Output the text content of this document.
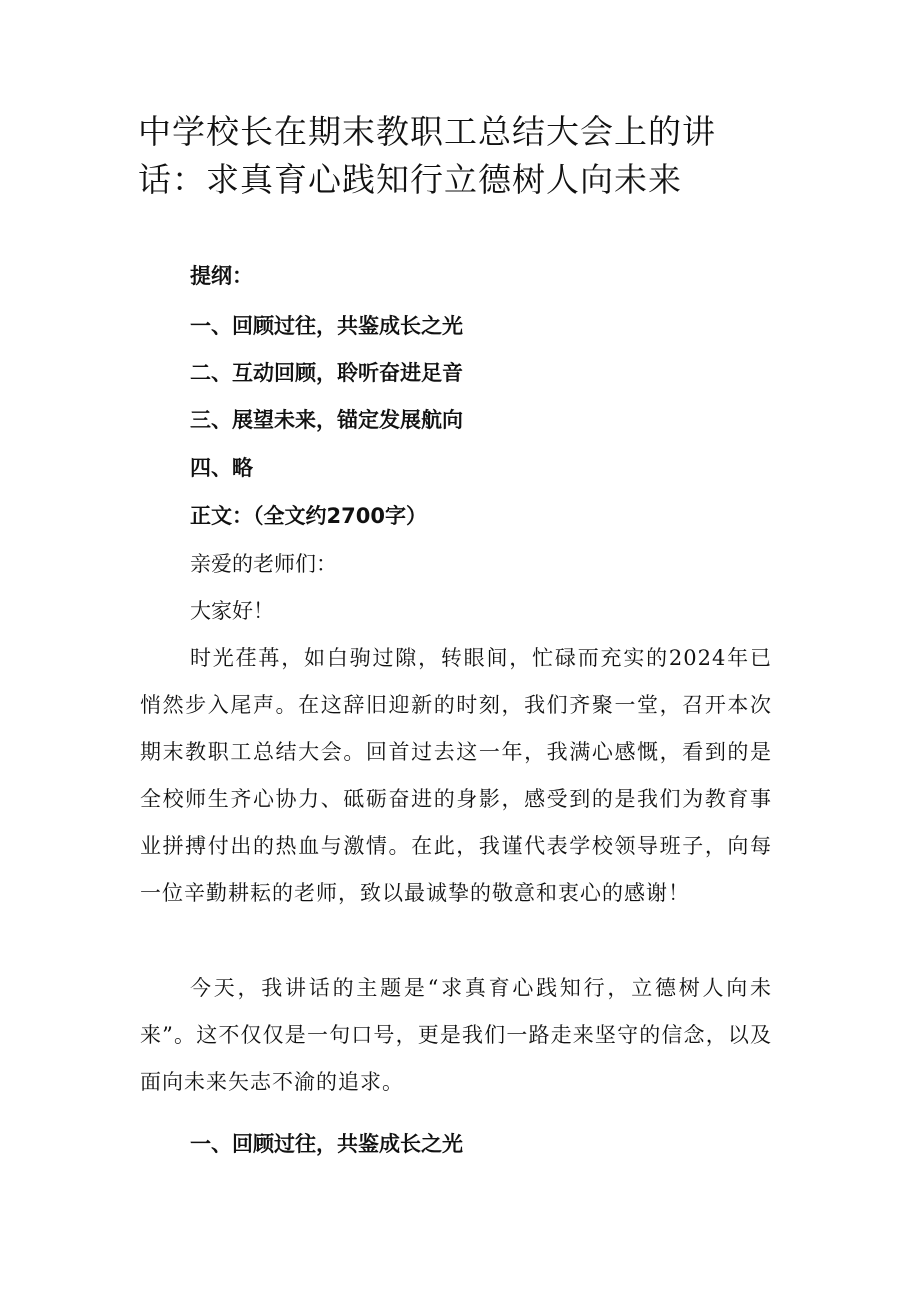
中学校长在期末教职工总结大会上的讲话：求真育心践知行立德树人向未来

提纲：

一、回顾过往，共鉴成长之光

二、互动回顾，聆听奋进足音

三、展望未来，锚定发展航向

四、略

正文：（全文约2700字）

亲爱的老师们：

大家好！

时光荏苒，如白驹过隙，转眼间，忙碌而充实的2024年已悄然步入尾声。在这辞旧迎新的时刻，我们齐聚一堂，召开本次期末教职工总结大会。回首过去这一年，我满心感慨，看到的是全校师生齐心协力、砥砺奋进的身影，感受到的是我们为教育事业拼搏付出的热血与激情。在此，我谨代表学校领导班子，向每一位辛勤耕耘的老师，致以最诚挚的敬意和衷心的感谢！

今天，我讲话的主题是“求真育心践知行，立德树人向未来”。这不仅仅是一句口号，更是我们一路走来坚守的信念，以及面向未来矢志不渝的追求。

一、回顾过往，共鉴成长之光
